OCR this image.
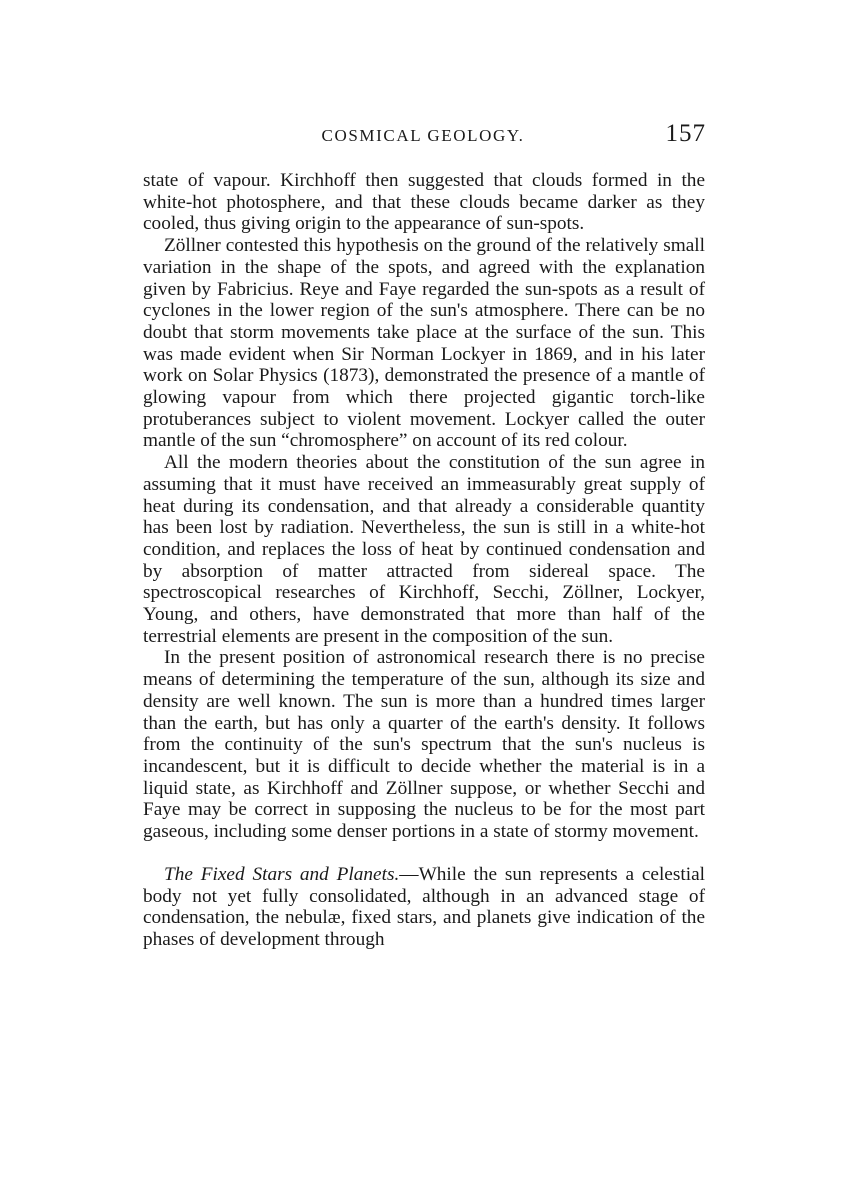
COSMICAL GEOLOGY.	157

state of vapour. Kirchhoff then suggested that clouds formed in the white-hot photosphere, and that these clouds became darker as they cooled, thus giving origin to the appearance of sun-spots.

Zöllner contested this hypothesis on the ground of the relatively small variation in the shape of the spots, and agreed with the explanation given by Fabricius. Reye and Faye regarded the sun-spots as a result of cyclones in the lower region of the sun's atmosphere. There can be no doubt that storm movements take place at the surface of the sun. This was made evident when Sir Norman Lockyer in 1869, and in his later work on Solar Physics (1873), demonstrated the presence of a mantle of glowing vapour from which there projected gigantic torch-like protuberances subject to violent movement. Lockyer called the outer mantle of the sun “chromosphere” on account of its red colour.

All the modern theories about the constitution of the sun agree in assuming that it must have received an immeasurably great supply of heat during its condensation, and that already a considerable quantity has been lost by radiation. Nevertheless, the sun is still in a white-hot condition, and replaces the loss of heat by continued condensation and by absorption of matter attracted from sidereal space. The spectroscopical researches of Kirchhoff, Secchi, Zöllner, Lockyer, Young, and others, have demonstrated that more than half of the terrestrial elements are present in the composition of the sun.

In the present position of astronomical research there is no precise means of determining the temperature of the sun, although its size and density are well known. The sun is more than a hundred times larger than the earth, but has only a quarter of the earth's density. It follows from the continuity of the sun's spectrum that the sun's nucleus is incandescent, but it is difficult to decide whether the material is in a liquid state, as Kirchhoff and Zöllner suppose, or whether Secchi and Faye may be correct in supposing the nucleus to be for the most part gaseous, including some denser portions in a state of stormy movement.

The Fixed Stars and Planets.—While the sun represents a celestial body not yet fully consolidated, although in an advanced stage of condensation, the nebulæ, fixed stars, and planets give indication of the phases of development through
